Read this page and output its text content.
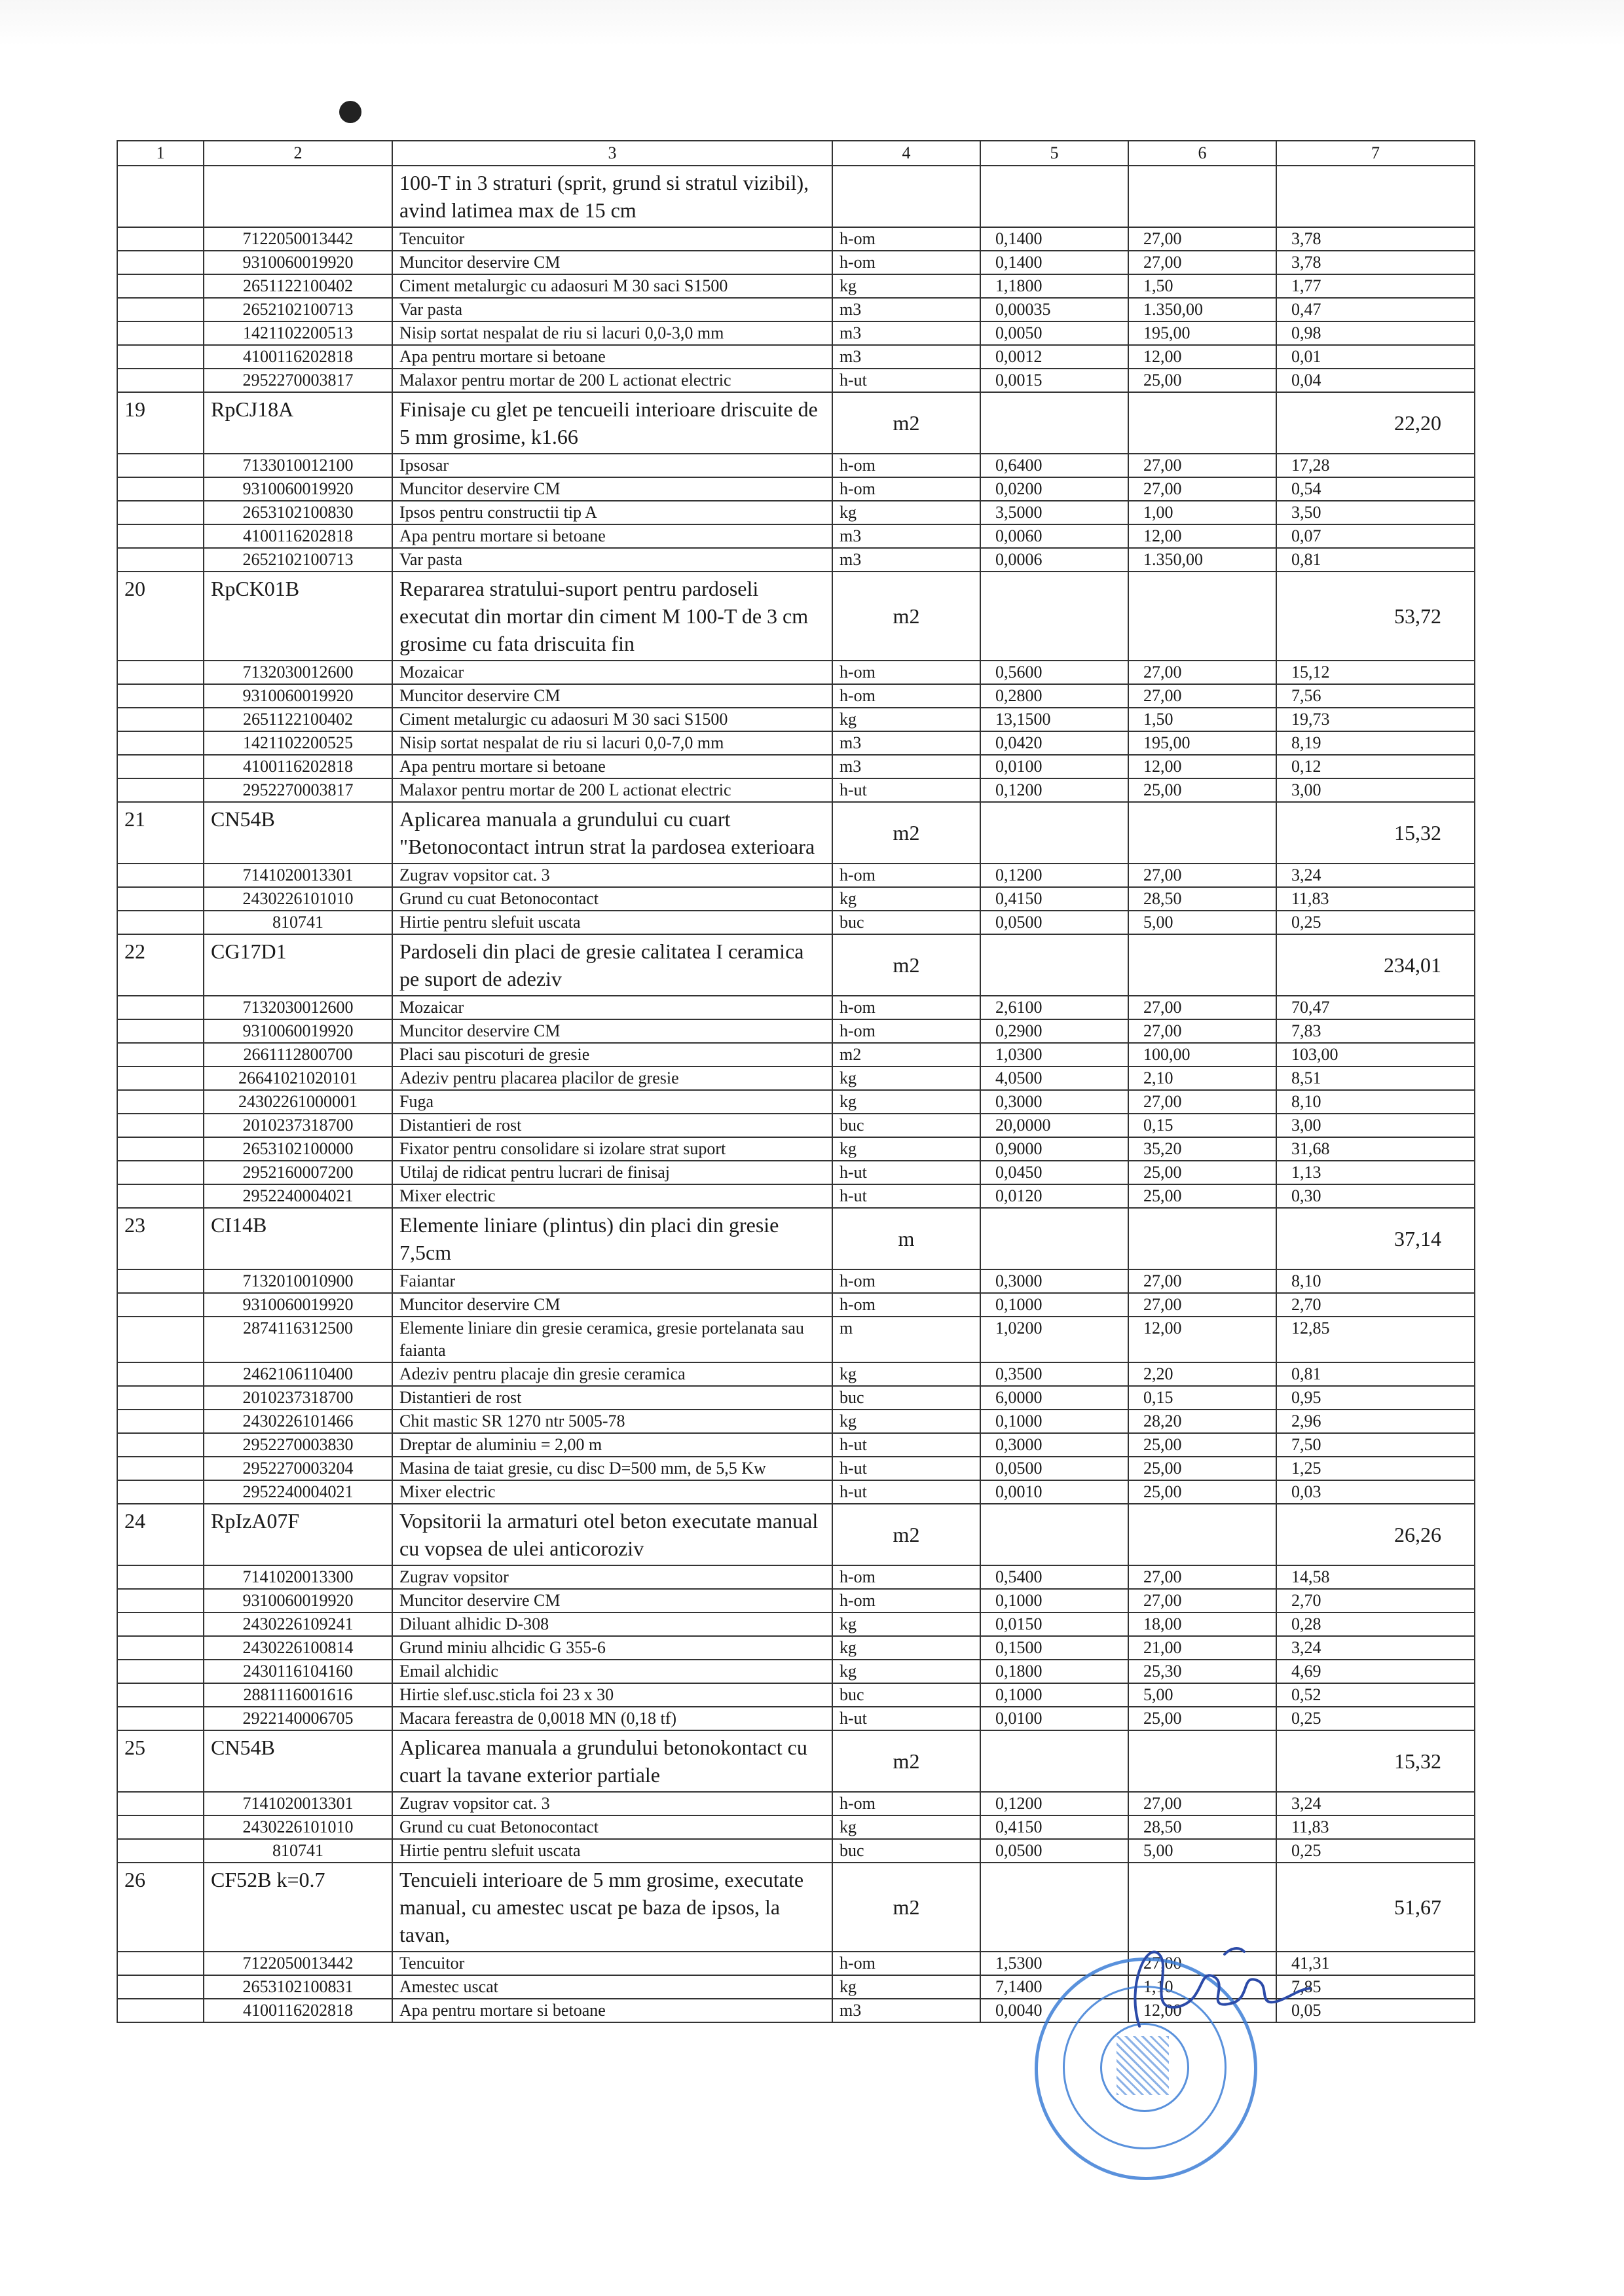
1	2	3	4	5	6	7
		100-T in 3 straturi (sprit, grund si stratul vizibil), avind latimea max de 15 cm				
	7122050013442	Tencuitor	h-om	0,1400	27,00	3,78
	9310060019920	Muncitor deservire CM	h-om	0,1400	27,00	3,78
	2651122100402	Ciment metalurgic cu adaosuri M 30 saci S1500	kg	1,1800	1,50	1,77
	2652102100713	Var pasta	m3	0,00035	1.350,00	0,47
	1421102200513	Nisip sortat nespalat de riu si lacuri 0,0-3,0 mm	m3	0,0050	195,00	0,98
	4100116202818	Apa pentru mortare si betoane	m3	0,0012	12,00	0,01
	2952270003817	Malaxor pentru mortar de 200 L actionat electric	h-ut	0,0015	25,00	0,04
19	RpCJ18A	Finisaje cu glet pe tencueili interioare driscuite de 5 mm grosime, k1.66	m2			22,20
	7133010012100	Ipsosar	h-om	0,6400	27,00	17,28
	9310060019920	Muncitor deservire CM	h-om	0,0200	27,00	0,54
	2653102100830	Ipsos pentru constructii tip A	kg	3,5000	1,00	3,50
	4100116202818	Apa pentru mortare si betoane	m3	0,0060	12,00	0,07
	2652102100713	Var pasta	m3	0,0006	1.350,00	0,81
20	RpCK01B	Repararea stratului-suport pentru pardoseli executat din mortar din ciment M 100-T de 3 cm grosime cu fata driscuita fin	m2			53,72
	7132030012600	Mozaicar	h-om	0,5600	27,00	15,12
	9310060019920	Muncitor deservire CM	h-om	0,2800	27,00	7,56
	2651122100402	Ciment metalurgic cu adaosuri M 30 saci S1500	kg	13,1500	1,50	19,73
	1421102200525	Nisip sortat nespalat de riu si lacuri 0,0-7,0 mm	m3	0,0420	195,00	8,19
	4100116202818	Apa pentru mortare si betoane	m3	0,0100	12,00	0,12
	2952270003817	Malaxor pentru mortar de 200 L actionat electric	h-ut	0,1200	25,00	3,00
21	CN54B	Aplicarea manuala a grundului cu cuart "Betonocontact intrun strat la pardosea exterioara	m2			15,32
	7141020013301	Zugrav vopsitor cat. 3	h-om	0,1200	27,00	3,24
	2430226101010	Grund cu cuat Betonocontact	kg	0,4150	28,50	11,83
	810741	Hirtie pentru slefuit uscata	buc	0,0500	5,00	0,25
22	CG17D1	Pardoseli din placi de gresie calitatea I ceramica pe suport de adeziv	m2			234,01
	7132030012600	Mozaicar	h-om	2,6100	27,00	70,47
	9310060019920	Muncitor deservire CM	h-om	0,2900	27,00	7,83
	2661112800700	Placi sau piscoturi de gresie	m2	1,0300	100,00	103,00
	26641021020101	Adeziv pentru placarea placilor de gresie	kg	4,0500	2,10	8,51
	24302261000001	Fuga	kg	0,3000	27,00	8,10
	2010237318700	Distantieri de rost	buc	20,0000	0,15	3,00
	2653102100000	Fixator pentru consolidare si izolare strat suport	kg	0,9000	35,20	31,68
	2952160007200	Utilaj de ridicat pentru lucrari de finisaj	h-ut	0,0450	25,00	1,13
	2952240004021	Mixer electric	h-ut	0,0120	25,00	0,30
23	CI14B	Elemente liniare (plintus) din placi din gresie 7,5cm	m			37,14
	7132010010900	Faiantar	h-om	0,3000	27,00	8,10
	9310060019920	Muncitor deservire CM	h-om	0,1000	27,00	2,70
	2874116312500	Elemente liniare din gresie ceramica, gresie portelanata sau faianta	m	1,0200	12,00	12,85
	2462106110400	Adeziv pentru placaje din gresie ceramica	kg	0,3500	2,20	0,81
	2010237318700	Distantieri de rost	buc	6,0000	0,15	0,95
	2430226101466	Chit mastic SR 1270 ntr 5005-78	kg	0,1000	28,20	2,96
	2952270003830	Dreptar de aluminiu = 2,00 m	h-ut	0,3000	25,00	7,50
	2952270003204	Masina de taiat gresie, cu disc D=500 mm, de 5,5 Kw	h-ut	0,0500	25,00	1,25
	2952240004021	Mixer electric	h-ut	0,0010	25,00	0,03
24	RpIzA07F	Vopsitorii la armaturi otel beton executate manual cu vopsea de ulei anticoroziv	m2			26,26
	7141020013300	Zugrav vopsitor	h-om	0,5400	27,00	14,58
	9310060019920	Muncitor deservire CM	h-om	0,1000	27,00	2,70
	2430226109241	Diluant alhidic D-308	kg	0,0150	18,00	0,28
	2430226100814	Grund miniu alhcidic G 355-6	kg	0,1500	21,00	3,24
	2430116104160	Email alchidic	kg	0,1800	25,30	4,69
	2881116001616	Hirtie slef.usc.sticla foi 23 x 30	buc	0,1000	5,00	0,52
	2922140006705	Macara fereastra de 0,0018 MN (0,18 tf)	h-ut	0,0100	25,00	0,25
25	CN54B	Aplicarea manuala a grundului betonokontact cu cuart la tavane exterior partiale	m2			15,32
	7141020013301	Zugrav vopsitor cat. 3	h-om	0,1200	27,00	3,24
	2430226101010	Grund cu cuat Betonocontact	kg	0,4150	28,50	11,83
	810741	Hirtie pentru slefuit uscata	buc	0,0500	5,00	0,25
26	CF52B k=0.7	Tencuieli interioare de 5 mm grosime, executate manual, cu amestec uscat pe baza de ipsos, la tavan,	m2			51,67
	7122050013442	Tencuitor	h-om	1,5300	27,00	41,31
	2653102100831	Amestec uscat	kg	7,1400	1,10	7,85
	4100116202818	Apa pentru mortare si betoane	m3	0,0040	12,00	0,05
